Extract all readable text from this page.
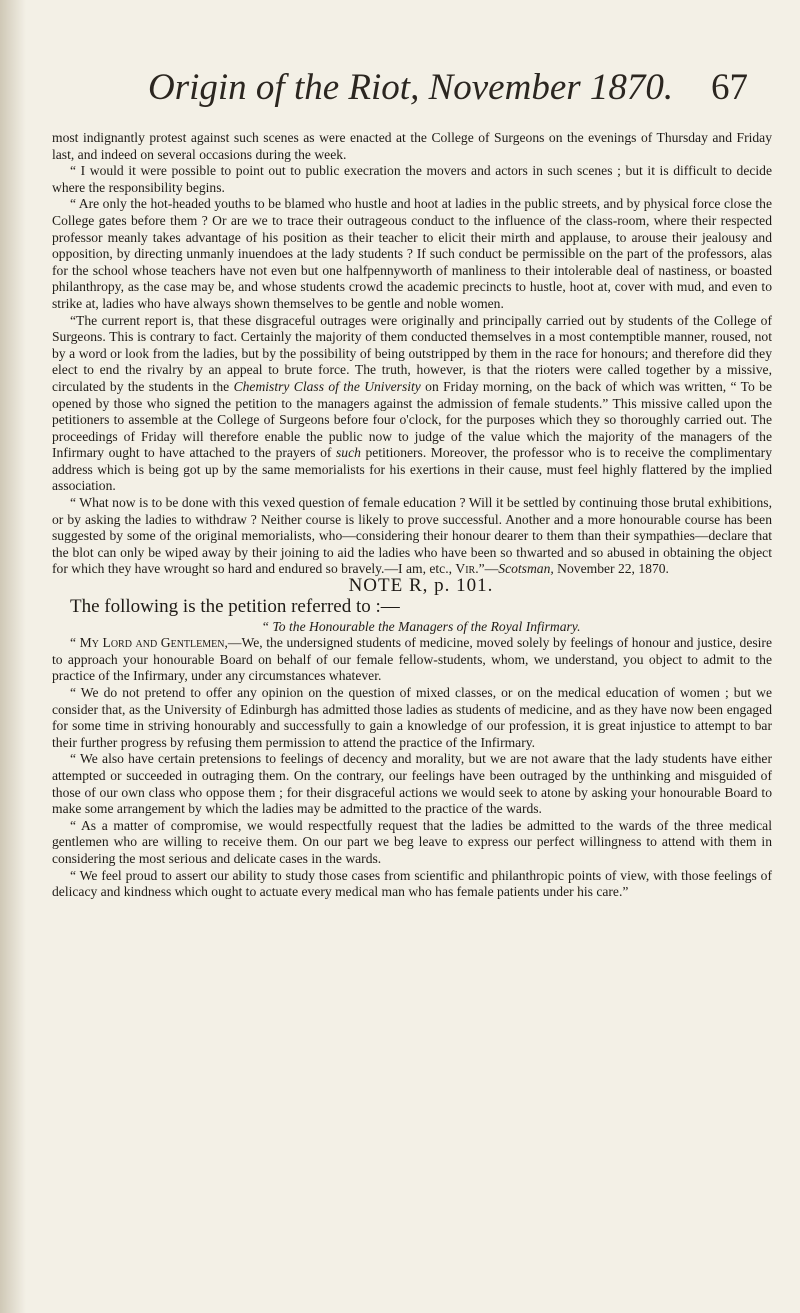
Origin of the Riot, November 1870. 67

most indignantly protest against such scenes as were enacted at the College of Surgeons on the evenings of Thursday and Friday last, and indeed on several occasions during the week.

“ I would it were possible to point out to public execration the movers and actors in such scenes ; but it is difficult to decide where the responsibility begins.

“ Are only the hot-headed youths to be blamed who hustle and hoot at ladies in the public streets, and by physical force close the College gates before them ? Or are we to trace their outrageous conduct to the influence of the class-room, where their respected professor meanly takes advantage of his position as their teacher to elicit their mirth and applause, to arouse their jealousy and opposition, by directing unmanly inuendoes at the lady students ? If such conduct be permissible on the part of the professors, alas for the school whose teachers have not even but one halfpennyworth of manliness to their intolerable deal of nastiness, or boasted philanthropy, as the case may be, and whose students crowd the academic precincts to hustle, hoot at, cover with mud, and even to strike at, ladies who have always shown themselves to be gentle and noble women.

“The current report is, that these disgraceful outrages were originally and principally carried out by students of the College of Surgeons. This is contrary to fact. Certainly the majority of them conducted themselves in a most contemptible manner, roused, not by a word or look from the ladies, but by the possibility of being outstripped by them in the race for honours; and therefore did they elect to end the rivalry by an appeal to brute force. The truth, however, is that the rioters were called together by a missive, circulated by the students in the Chemistry Class of the University on Friday morning, on the back of which was written, “ To be opened by those who signed the petition to the managers against the admission of female students.” This missive called upon the petitioners to assemble at the College of Surgeons before four o'clock, for the purposes which they so thoroughly carried out. The proceedings of Friday will therefore enable the public now to judge of the value which the majority of the managers of the Infirmary ought to have attached to the prayers of such petitioners. Moreover, the professor who is to receive the complimentary address which is being got up by the same memorialists for his exertions in their cause, must feel highly flattered by the implied association.

“ What now is to be done with this vexed question of female education ? Will it be settled by continuing those brutal exhibitions, or by asking the ladies to withdraw ? Neither course is likely to prove successful. Another and a more honourable course has been suggested by some of the original memorialists, who—considering their honour dearer to them than their sympathies—declare that the blot can only be wiped away by their joining to aid the ladies who have been so thwarted and so abused in obtaining the object for which they have wrought so hard and endured so bravely.—I am, etc., Vir.”—Scotsman, November 22, 1870.

NOTE R, p. 101.

The following is the petition referred to :—

“ To the Honourable the Managers of the Royal Infirmary.

“ My Lord and Gentlemen,—We, the undersigned students of medicine, moved solely by feelings of honour and justice, desire to approach your honourable Board on behalf of our female fellow-students, whom, we understand, you object to admit to the practice of the Infirmary, under any circumstances whatever.

“ We do not pretend to offer any opinion on the question of mixed classes, or on the medical education of women ; but we consider that, as the University of Edinburgh has admitted those ladies as students of medicine, and as they have now been engaged for some time in striving honourably and successfully to gain a knowledge of our profession, it is great injustice to attempt to bar their further progress by refusing them permission to attend the practice of the Infirmary.

“ We also have certain pretensions to feelings of decency and morality, but we are not aware that the lady students have either attempted or succeeded in outraging them. On the contrary, our feelings have been outraged by the unthinking and misguided of those of our own class who oppose them ; for their disgraceful actions we would seek to atone by asking your honourable Board to make some arrangement by which the ladies may be admitted to the practice of the wards.

“ As a matter of compromise, we would respectfully request that the ladies be admitted to the wards of the three medical gentlemen who are willing to receive them. On our part we beg leave to express our perfect willingness to attend with them in considering the most serious and delicate cases in the wards.

“ We feel proud to assert our ability to study those cases from scientific and philanthropic points of view, with those feelings of delicacy and kindness which ought to actuate every medical man who has female patients under his care.”
